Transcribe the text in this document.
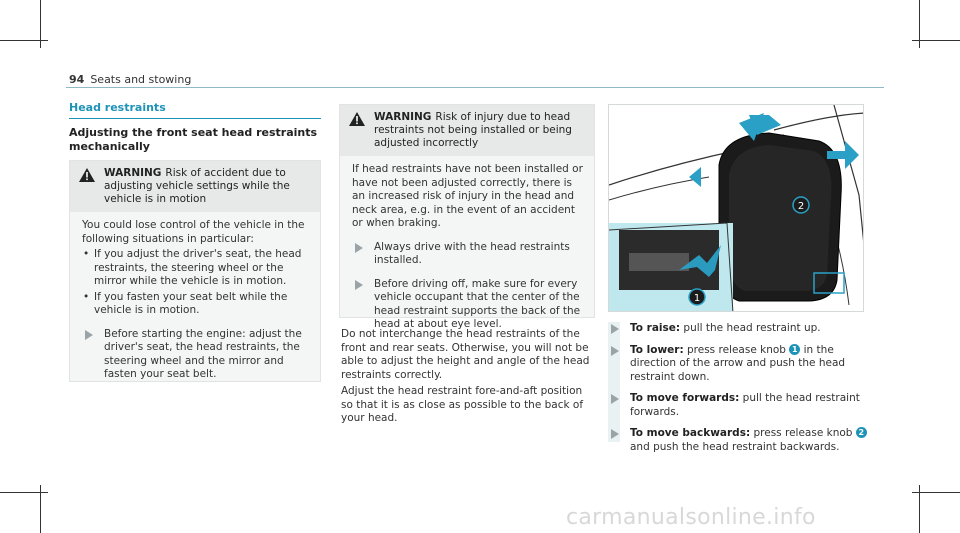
94 Seats and stowing
Head restraints
Adjusting the front seat head restraints mechanically
WARNING Risk of accident due to adjusting vehicle settings while the vehicle is in motion

You could lose control of the vehicle in the following situations in particular:

• If you adjust the driver's seat, the head restraints, the steering wheel or the mirror while the vehicle is in motion.

• If you fasten your seat belt while the vehicle is in motion.

Before starting the engine: adjust the driver's seat, the head restraints, the steering wheel and the mirror and fasten your seat belt.
WARNING Risk of injury due to head restraints not being installed or being adjusted incorrectly

If head restraints have not been installed or have not been adjusted correctly, there is an increased risk of injury in the head and neck area, e.g. in the event of an accident or when braking.

Always drive with the head restraints installed.
Before driving off, make sure for every vehicle occupant that the center of the head restraint supports the back of the head at about eye level.
Do not interchange the head restraints of the front and rear seats. Otherwise, you will not be able to adjust the height and angle of the head restraints correctly.
Adjust the head restraint fore-and-aft position so that it is as close as possible to the back of your head.
2
1
To raise: pull the head restraint up.
To lower: press release knob 1 in the direction of the arrow and push the head restraint down.
To move forwards: pull the head restraint forwards.
To move backwards: press release knob 2 and push the head restraint backwards.
carmanualsonline.info
